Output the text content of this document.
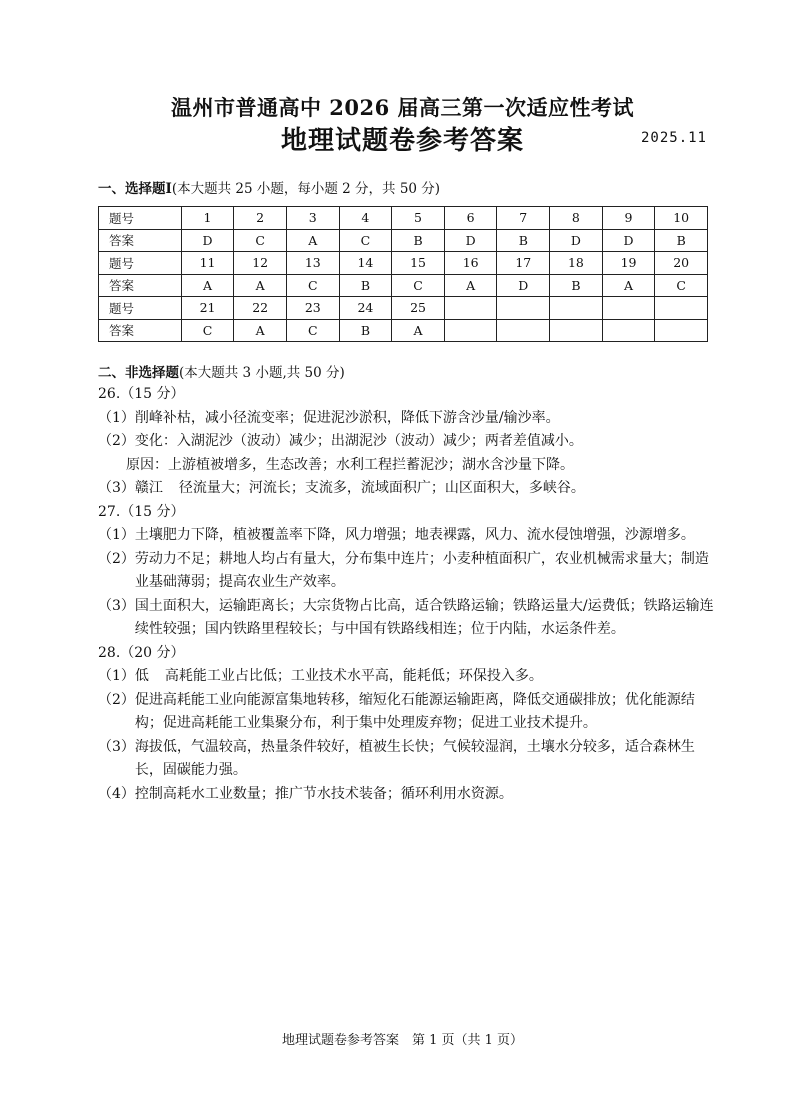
温州市普通高中 2026 届高三第一次适应性考试
地理试题卷参考答案	2025.11
一、选择题Ⅰ(本大题共 25 小题，每小题 2 分，共 50 分)
题号	1	2	3	4	5	6	7	8	9	10
答案	D	C	A	C	B	D	B	D	D	B
题号	11	12	13	14	15	16	17	18	19	20
答案	A	A	C	B	C	A	D	B	A	C
题号	21	22	23	24	25					
答案	C	A	C	B	A					
二、非选择题(本大题共 3 小题,共 50 分)
26.（15 分）
（1） 削峰补枯，减小径流变率；促进泥沙淤积，降低下游含沙量/输沙率。
（2） 变化：入湖泥沙（波动）减少；出湖泥沙（波动）减少；两者差值减小。
原因：上游植被增多，生态改善；水利工程拦蓄泥沙；湖水含沙量下降。
（3） 赣江 径流量大；河流长；支流多，流域面积广；山区面积大，多峡谷。
27.（15 分）
（1） 土壤肥力下降，植被覆盖率下降，风力增强；地表裸露，风力、流水侵蚀增强，沙源增多。
（2） 劳动力不足；耕地人均占有量大，分布集中连片；小麦种植面积广，农业机械需求量大；制造业基础薄弱；提高农业生产效率。
（3） 国土面积大，运输距离长；大宗货物占比高，适合铁路运输；铁路运量大/运费低；铁路运输连续性较强；国内铁路里程较长；与中国有铁路线相连；位于内陆，水运条件差。
28.（20 分）
（1） 低 高耗能工业占比低；工业技术水平高，能耗低；环保投入多。
（2） 促进高耗能工业向能源富集地转移，缩短化石能源运输距离，降低交通碳排放；优化能源结构；促进高耗能工业集聚分布，利于集中处理废弃物；促进工业技术提升。
（3） 海拔低，气温较高，热量条件较好，植被生长快；气候较湿润，土壤水分较多，适合森林生长，固碳能力强。
（4） 控制高耗水工业数量；推广节水技术装备；循环利用水资源。
地理试题卷参考答案　第 1 页（共 1 页）
